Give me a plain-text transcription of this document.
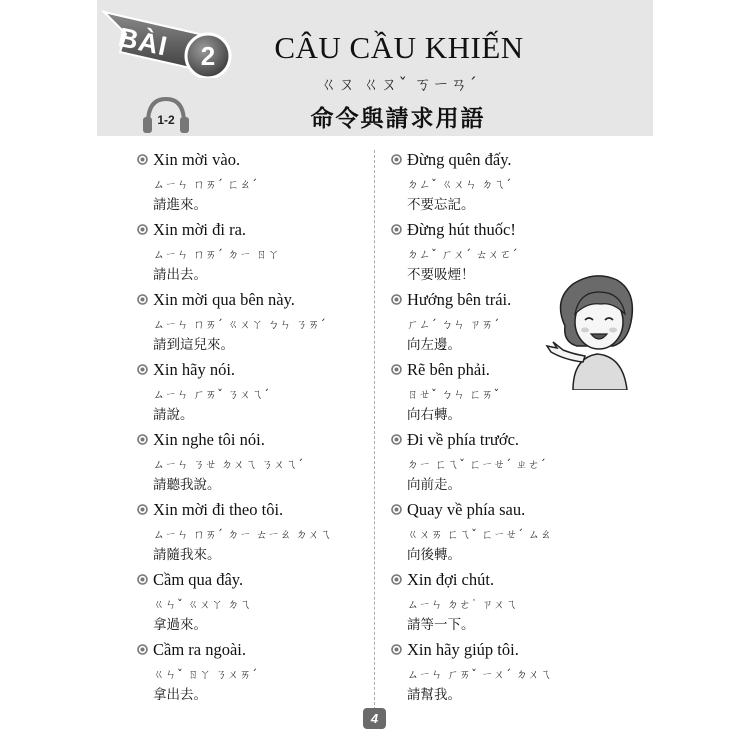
BÀI	2	CÂU CẦU KHIẾN
ㄍㄡ ㄍㄡˇ ㄎㄧㄢˊ
命令與請求用語
1-2
Xin mời vào.
ㄙㄧㄣ ㄇㄞˊ ㄈㄠˊ
請進來。
Xin mời đi ra.
ㄙㄧㄣ ㄇㄞˊ ㄉㄧ ㄖㄚ
請出去。
Xin mời qua bên này.
ㄙㄧㄣ ㄇㄞˊ ㄍㄨㄚ ㄅㄣ ㄋㄞˊ
請到這兒來。
Xin hãy nói.
ㄙㄧㄣ ㄏㄞˇ ㄋㄨㄟˊ
請說。
Xin nghe tôi nói.
ㄙㄧㄣ ㄋㄝ ㄉㄨㄟ ㄋㄨㄟˊ
請聽我說。
Xin mời đi theo tôi.
ㄙㄧㄣ ㄇㄞˊ ㄉㄧ ㄊㄧㄠ ㄉㄨㄟ
請隨我來。
Cầm qua đây.
ㄍㄣˇ ㄍㄨㄚ ㄉㄟ
拿過來。
Cầm ra ngoài.
ㄍㄣˇ ㄖㄚ ㄋㄨㄞˊ
拿出去。
Đừng quên đấy.
ㄉㄥˇ ㄍㄨㄣ ㄉㄟˊ
不要忘記。
Đừng hút thuốc!
ㄉㄥˇ ㄏㄨˊ ㄊㄨㄛˊ
不要吸煙！
Hướng bên trái.
ㄏㄥˊ ㄅㄣ ㄗㄞˊ
向左邊。
Rẽ bên phải.
ㄖㄝˇ ㄅㄣ ㄈㄞˇ
向右轉。
Đi về phía trước.
ㄉㄧ ㄈㄟˇ ㄈㄧㄝˊ ㄓㄜˊ
向前走。
Quay về phía sau.
ㄍㄨㄞ ㄈㄟˇ ㄈㄧㄝˊ ㄙㄠ
向後轉。
Xin đợi chút.
ㄙㄧㄣ ㄉㄜ˙ ㄗㄨㄟ
請等一下。
Xin hãy giúp tôi.
ㄙㄧㄣ ㄏㄞˇ ㄧㄨˊ ㄉㄨㄟ
請幫我。
4
